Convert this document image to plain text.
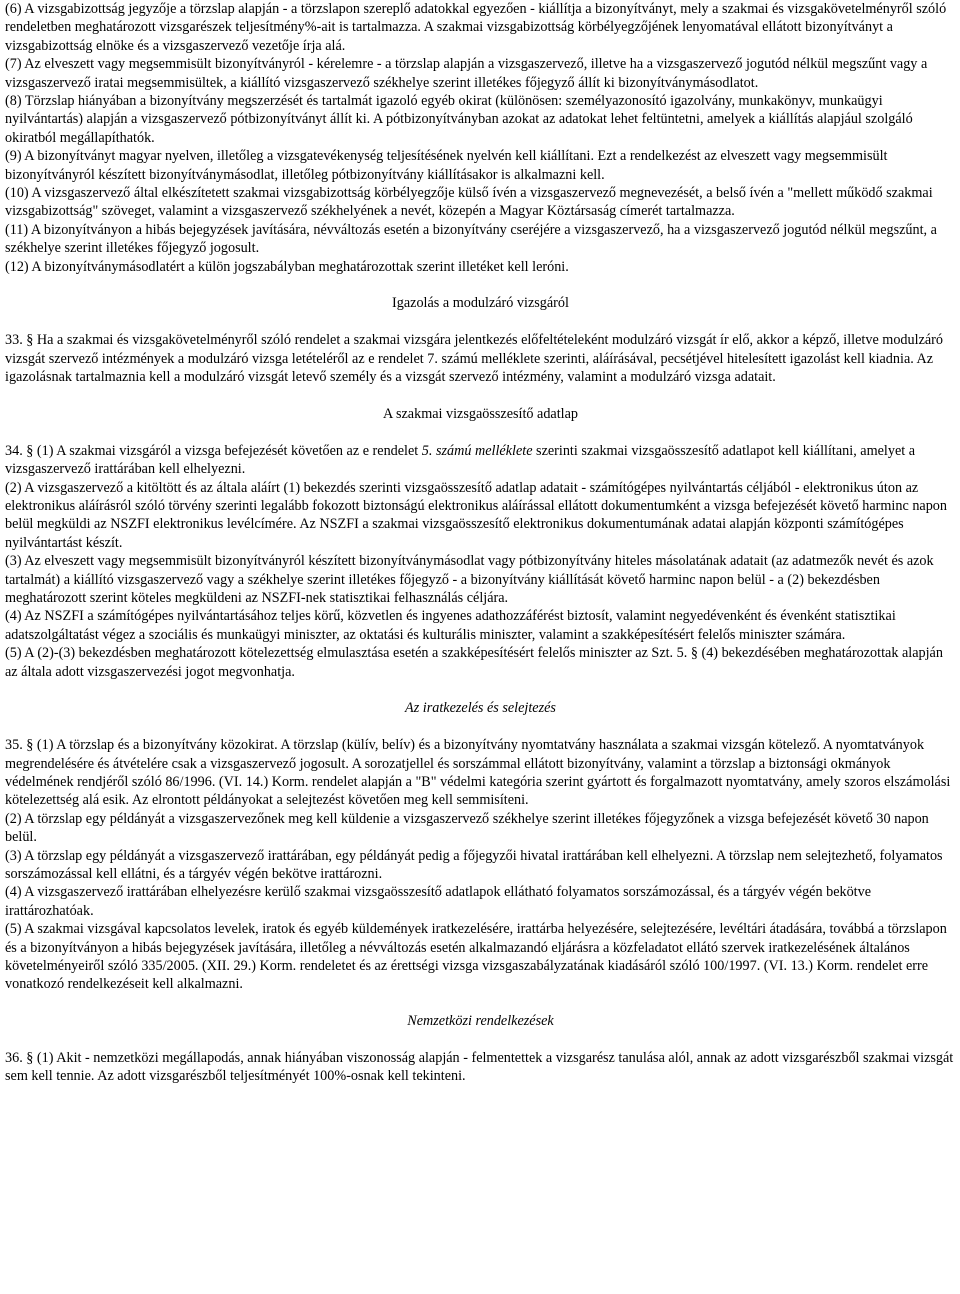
(6) A vizsgabizottság jegyzője a törzslap alapján - a törzslapon szereplő adatokkal egyezően - kiállítja a bizonyítványt, mely a szakmai és vizsgakövetelményről szóló rendeletben meghatározott vizsgarészek teljesítmény%-ait is tartalmazza. A szakmai vizsgabizottság körbélyegzőjének lenyomatával ellátott bizonyítványt a vizsgabizottság elnöke és a vizsgaszervező vezetője írja alá.

(7) Az elveszett vagy megsemmisült bizonyítványról - kérelemre - a törzslap alapján a vizsgaszervező, illetve ha a vizsgaszervező jogutód nélkül megszűnt vagy a vizsgaszervező iratai megsemmisültek, a kiállító vizsgaszervező székhelye szerint illetékes főjegyző állít ki bizonyítványmásodlatot.

(8) Törzslap hiányában a bizonyítvány megszerzését és tartalmát igazoló egyéb okirat (különösen: személyazonosító igazolvány, munkakönyv, munkaügyi nyilvántartás) alapján a vizsgaszervező pótbizonyítványt állít ki. A pótbizonyítványban azokat az adatokat lehet feltüntetni, amelyek a kiállítás alapjául szolgáló okiratból megállapíthatók.

(9) A bizonyítványt magyar nyelven, illetőleg a vizsgatevékenység teljesítésének nyelvén kell kiállítani. Ezt a rendelkezést az elveszett vagy megsemmisült bizonyítványról készített bizonyítványmásodlat, illetőleg pótbizonyítvány kiállításakor is alkalmazni kell.

(10) A vizsgaszervező által elkészítetett szakmai vizsgabizottság körbélyegzője külső ívén a vizsgaszervező megnevezését, a belső ívén a "mellett működő szakmai vizsgabizottság" szöveget, valamint a vizsgaszervező székhelyének a nevét, közepén a Magyar Köztársaság címerét tartalmazza.

(11) A bizonyítványon a hibás bejegyzések javítására, névváltozás esetén a bizonyítvány cseréjére a vizsgaszervező, ha a vizsgaszervező jogutód nélkül megszűnt, a székhelye szerint illetékes főjegyző jogosult.

(12) A bizonyítványmásodlatért a külön jogszabályban meghatározottak szerint illetéket kell leróni.

Igazolás a modulzáró vizsgáról

33. § Ha a szakmai és vizsgakövetelményről szóló rendelet a szakmai vizsgára jelentkezés előfeltételeként modulzáró vizsgát ír elő, akkor a képző, illetve modulzáró vizsgát szervező intézmények a modulzáró vizsga letételéről az e rendelet 7. számú melléklete szerinti, aláírásával, pecsétjével hitelesített igazolást kell kiadnia. Az igazolásnak tartalmaznia kell a modulzáró vizsgát letevő személy és a vizsgát szervező intézmény, valamint a modulzáró vizsga adatait.

A szakmai vizsgaösszesítő adatlap

34. § (1) A szakmai vizsgáról a vizsga befejezését követően az e rendelet 5. számú melléklete szerinti szakmai vizsgaösszesítő adatlapot kell kiállítani, amelyet a vizsgaszervező irattárában kell elhelyezni.

(2) A vizsgaszervező a kitöltött és az általa aláírt (1) bekezdés szerinti vizsgaösszesítő adatlap adatait - számítógépes nyilvántartás céljából - elektronikus úton az elektronikus aláírásról szóló törvény szerinti legalább fokozott biztonságú elektronikus aláírással ellátott dokumentumként a vizsga befejezését követő harminc napon belül megküldi az NSZFI elektronikus levélcímére. Az NSZFI a szakmai vizsgaösszesítő elektronikus dokumentumának adatai alapján központi számítógépes nyilvántartást készít.

(3) Az elveszett vagy megsemmisült bizonyítványról készített bizonyítványmásodlat vagy pótbizonyítvány hiteles másolatának adatait (az adatmezők nevét és azok tartalmát) a kiállító vizsgaszervező vagy a székhelye szerint illetékes főjegyző - a bizonyítvány kiállítását követő harminc napon belül - a (2) bekezdésben meghatározott szerint köteles megküldeni az NSZFI-nek statisztikai felhasználás céljára.

(4) Az NSZFI a számítógépes nyilvántartásához teljes körű, közvetlen és ingyenes adathozzáférést biztosít, valamint negyedévenként és évenként statisztikai adatszolgáltatást végez a szociális és munkaügyi miniszter, az oktatási és kulturális miniszter, valamint a szakképesítésért felelős miniszter számára.

(5) A (2)-(3) bekezdésben meghatározott kötelezettség elmulasztása esetén a szakképesítésért felelős miniszter az Szt. 5. § (4) bekezdésében meghatározottak alapján az általa adott vizsgaszervezési jogot megvonhatja.

Az iratkezelés és selejtezés

35. § (1) A törzslap és a bizonyítvány közokirat. A törzslap (külív, belív) és a bizonyítvány nyomtatvány használata a szakmai vizsgán kötelező. A nyomtatványok megrendelésére és átvételére csak a vizsgaszervező jogosult. A sorozatjellel és sorszámmal ellátott bizonyítvány, valamint a törzslap a biztonsági okmányok védelmének rendjéről szóló 86/1996. (VI. 14.) Korm. rendelet alapján a "B" védelmi kategória szerint gyártott és forgalmazott nyomtatvány, amely szoros elszámolási kötelezettség alá esik. Az elrontott példányokat a selejtezést követően meg kell semmisíteni.

(2) A törzslap egy példányát a vizsgaszervezőnek meg kell küldenie a vizsgaszervező székhelye szerint illetékes főjegyzőnek a vizsga befejezését követő 30 napon belül.

(3) A törzslap egy példányát a vizsgaszervező irattárában, egy példányát pedig a főjegyzői hivatal irattárában kell elhelyezni. A törzslap nem selejtezhető, folyamatos sorszámozással kell ellátni, és a tárgyév végén bekötve irattározni.

(4) A vizsgaszervező irattárában elhelyezésre kerülő szakmai vizsgaösszesítő adatlapok ellátható folyamatos sorszámozással, és a tárgyév végén bekötve irattározhatóak.

(5) A szakmai vizsgával kapcsolatos levelek, iratok és egyéb küldemények iratkezelésére, irattárba helyezésére, selejtezésére, levéltári átadására, továbbá a törzslapon és a bizonyítványon a hibás bejegyzések javítására, illetőleg a névváltozás esetén alkalmazandó eljárásra a közfeladatot ellátó szervek iratkezelésének általános követelményeiről szóló 335/2005. (XII. 29.) Korm. rendeletet és az érettségi vizsga vizsgaszabályzatának kiadásáról szóló 100/1997. (VI. 13.) Korm. rendelet erre vonatkozó rendelkezéseit kell alkalmazni.

Nemzetközi rendelkezések

36. § (1) Akit - nemzetközi megállapodás, annak hiányában viszonosság alapján - felmentettek a vizsgarész tanulása alól, annak az adott vizsgarészből szakmai vizsgát sem kell tennie. Az adott vizsgarészből teljesítményét 100%-osnak kell tekinteni.
